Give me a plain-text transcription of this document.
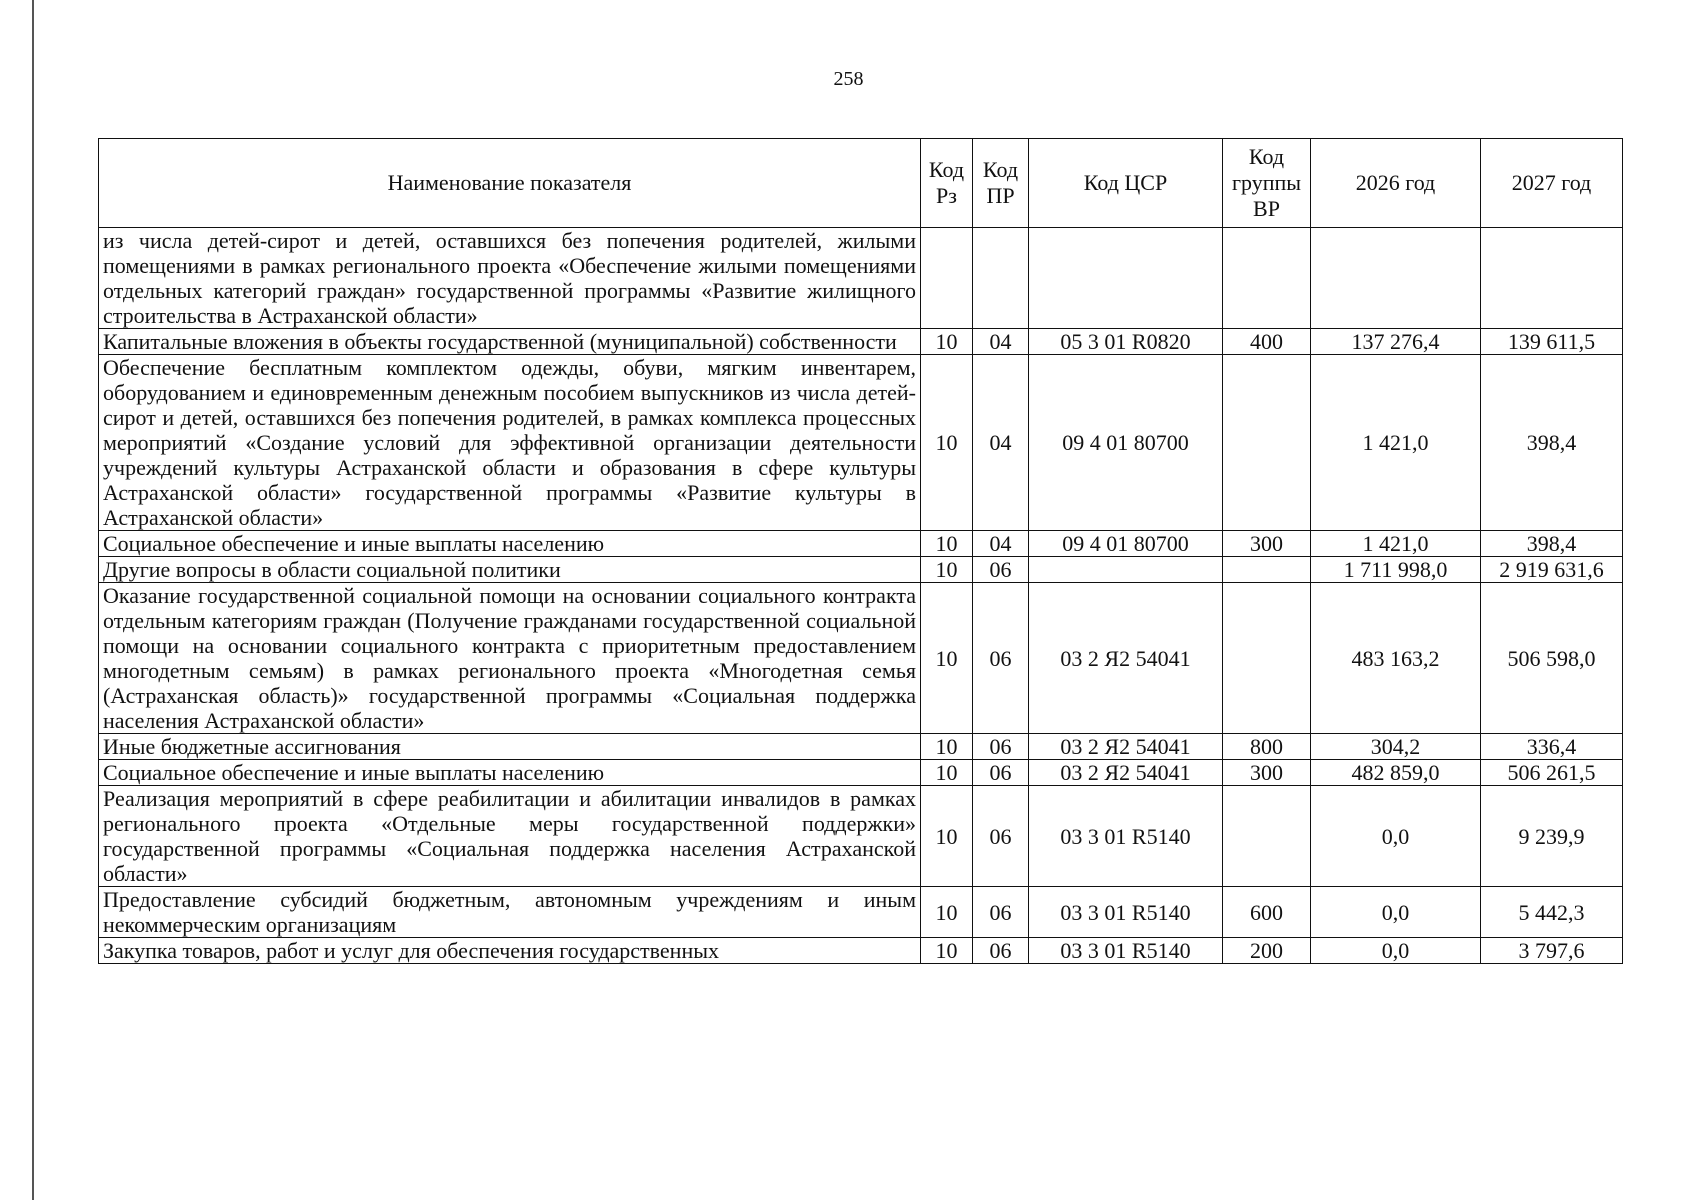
258
Наименование показателя	Код Рз	Код ПР	Код ЦСР	Код группы ВР	2026 год	2027 год
из числа детей-сирот и детей, оставшихся без попечения родителей, жилыми помещениями в рамках регионального проекта «Обеспечение жилыми помещениями отдельных категорий граждан» государственной программы «Развитие жилищного строительства в Астраханской области»						
Капитальные вложения в объекты государственной (муниципальной) собственности	10	04	05 3 01 R0820	400	137 276,4	139 611,5
Обеспечение бесплатным комплектом одежды, обуви, мягким инвентарем, оборудованием и единовременным денежным пособием выпускников из числа детей-сирот и детей, оставшихся без попечения родителей, в рамках комплекса процессных мероприятий «Создание условий для эффективной организации деятельности учреждений культуры Астраханской области и образования в сфере культуры Астраханской области» государственной программы «Развитие культуры в Астраханской области»	10	04	09 4 01 80700		1 421,0	398,4
Социальное обеспечение и иные выплаты населению	10	04	09 4 01 80700	300	1 421,0	398,4
Другие вопросы в области социальной политики	10	06			1 711 998,0	2 919 631,6
Оказание государственной социальной помощи на основании социального контракта отдельным категориям граждан (Получение гражданами государственной социальной помощи на основании социального контракта с приоритетным предоставлением многодетным семьям) в рамках регионального проекта «Многодетная семья (Астраханская область)» государственной программы «Социальная поддержка населения Астраханской области»	10	06	03 2 Я2 54041		483 163,2	506 598,0
Иные бюджетные ассигнования	10	06	03 2 Я2 54041	800	304,2	336,4
Социальное обеспечение и иные выплаты населению	10	06	03 2 Я2 54041	300	482 859,0	506 261,5
Реализация мероприятий в сфере реабилитации и абилитации инвалидов в рамках регионального проекта «Отдельные меры государственной поддержки» государственной программы «Социальная поддержка населения Астраханской области»	10	06	03 3 01 R5140		0,0	9 239,9
Предоставление субсидий бюджетным, автономным учреждениям и иным некоммерческим организациям	10	06	03 3 01 R5140	600	0,0	5 442,3
Закупка товаров, работ и услуг для обеспечения государственных	10	06	03 3 01 R5140	200	0,0	3 797,6
